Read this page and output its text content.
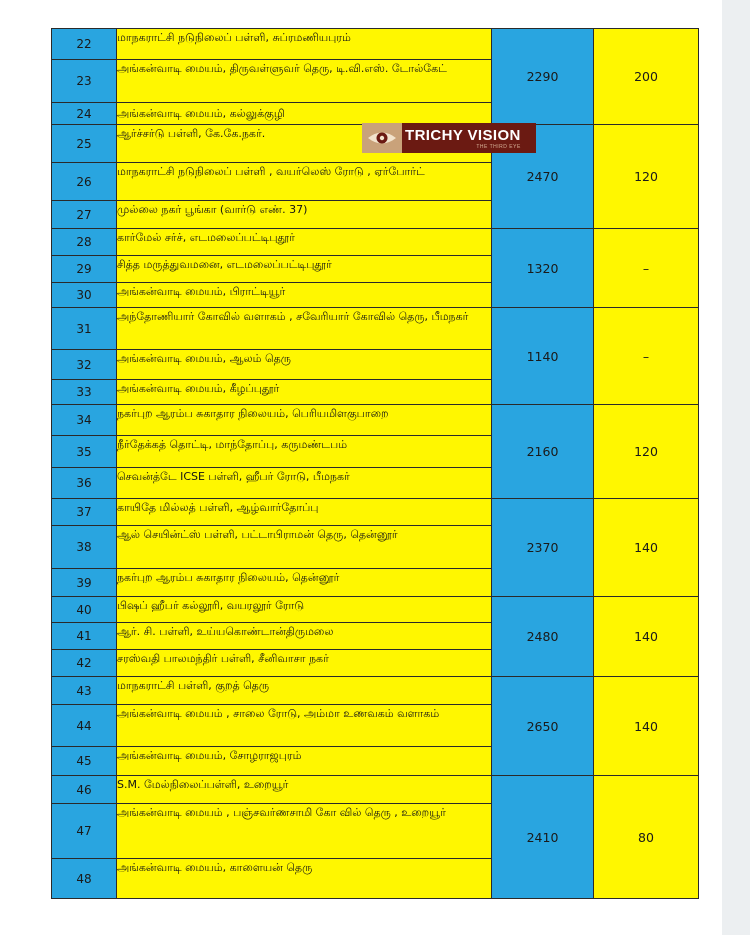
22	மாநகராட்சி நடுநிலைப் பள்ளி, சுப்ரமணியபுரம்	2290	200
23	அங்கன்வாடி மையம், திருவள்ளுவர் தெரு, டி.வி.எஸ். டோல்கேட்		
24	அங்கன்வாடி மையம், கல்லுக்குழி		
25	ஆர்ச்சர்டு பள்ளி, கே.கே.நகர்.	2470	120
26	மாநகராட்சி நடுநிலைப் பள்ளி , வயர்லெஸ் ரோடு , ஏர்போர்ட்		
27	முல்லை நகர் பூங்கா (வார்டு எண். 37)		
28	கார்மேல் சர்ச், எடமலைப்பட்டிபுதூர்	1320	–
29	சித்த மருத்துவமனை, எடமலைப்பட்டிபுதூர்		
30	அங்கன்வாடி மையம், பிராட்டியூர்		
31	அந்தோணியார் கோவில் வளாகம் , சவேரியார் கோவில் தெரு, பீமநகர்	1140	–
32	அங்கன்வாடி மையம், ஆலம் தெரு		
33	அங்கன்வாடி மையம், கீழப்புதூர்		
34	நகர்புற ஆரம்ப சுகாதார நிலையம், பெரியமிளகுபாறை	2160	120
35	நீர்தேக்கத் தொட்டி, மாந்தோப்பு, கருமண்டபம்		
36	செவன்த்டே ICSE பள்ளி, ஹீபர் ரோடு, பீமநகர்		
37	காயிதே மில்லத் பள்ளி, ஆழ்வார்தோப்பு	2370	140
38	ஆல் செயின்ட்ஸ் பள்ளி, பட்டாபிராமன் தெரு, தென்னூர்		
39	நகர்புற ஆரம்ப சுகாதார நிலையம், தென்னூர்		
40	பிஷப் ஹீபர் கல்லூரி, வயரலூர் ரோடு	2480	140
41	ஆர். சி. பள்ளி, உய்யகொண்டான்திருமலை		
42	சரஸ்வதி பாலமந்திர் பள்ளி, சீனிவாசா நகர்		
43	மாநகராட்சி பள்ளி, குறத் தெரு	2650	140
44	அங்கன்வாடி மையம் , சாலை ரோடு, அம்மா உணவகம் வளாகம்		
45	அங்கன்வாடி மையம், சோழராஜபுரம்		
46	S.M. மேல்நிலைப்பள்ளி, உறையூர்	2410	80
47	அங்கன்வாடி மையம் , பஞ்சவர்ணசாமி கோ வில் தெரு , உறையூர்		
48	அங்கன்வாடி மையம், காளையன் தெரு		
TRICHY VISION
THE THIRD EYE
